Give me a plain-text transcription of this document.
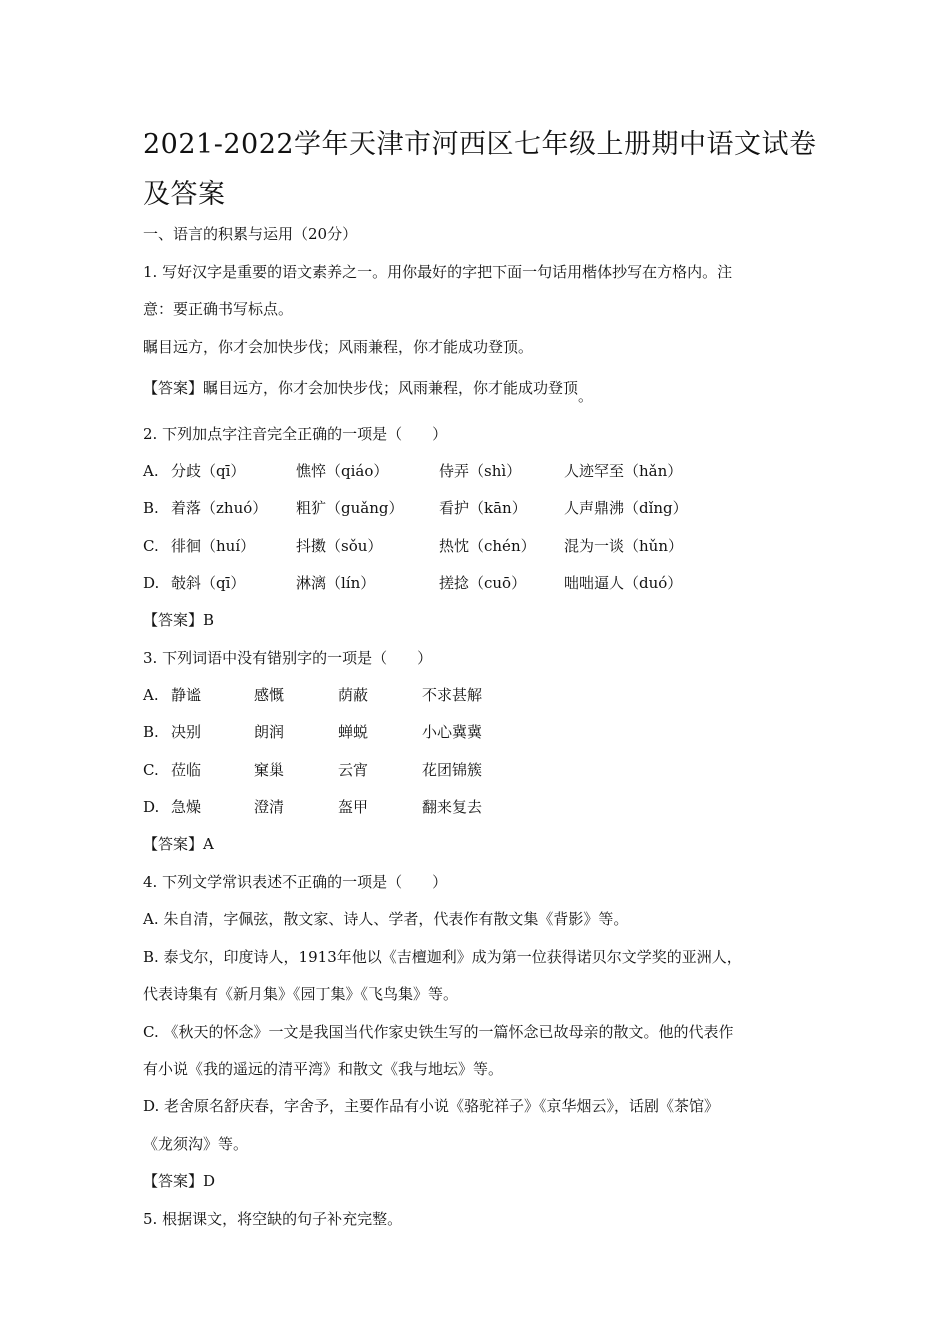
2021-2022学年天津市河西区七年级上册期中语文试卷及答案
一、语言的积累与运用（20分）
1. 写好汉字是重要的语文素养之一。用你最好的字把下面一句话用楷体抄写在方格内。注
意：要正确书写标点。
瞩目远方，你才会加快步伐；风雨兼程，你才能成功登顶。
【答案】瞩目远方，你才会加快步伐；风雨兼程，你才能成功登顶。
2. 下列加点字注音完全正确的一项是（　　）
A. 分歧（qī）	憔悴（qiáo）	侍弄（shì）	人迹罕至（hǎn）
B. 着落（zhuó） 粗犷（guǎng） 看护（kān） 人声鼎沸（dǐng）
C. 徘徊（huí）	抖擞（sǒu）	热忱（chén） 混为一谈（hǔn）
D. 攲斜（qī）	淋漓（lín）	搓捻（cuō）	咄咄逼人（duó）
【答案】B
3. 下列词语中没有错别字的一项是（　　）
A. 静谧	感慨	荫蔽	不求甚解
B. 决别	朗润	蝉蜕	小心冀冀
C. 莅临	窠巢	云宵	花团锦簇
D. 急燥	澄清	盔甲	翻来复去
【答案】A
4. 下列文学常识表述不正确的一项是（　　）
A. 朱自清，字佩弦，散文家、诗人、学者，代表作有散文集《背影》等。
B. 泰戈尔，印度诗人，1913年他以《吉檀迦利》成为第一位获得诺贝尔文学奖的亚洲人，
代表诗集有《新月集》《园丁集》《飞鸟集》等。
C. 《秋天的怀念》一文是我国当代作家史铁生写的一篇怀念已故母亲的散文。他的代表作
有小说《我的遥远的清平湾》和散文《我与地坛》等。
D. 老舍原名舒庆春，字舍予，主要作品有小说《骆驼祥子》《京华烟云》，话剧《茶馆》
《龙须沟》等。
【答案】D
5. 根据课文，将空缺的句子补充完整。
